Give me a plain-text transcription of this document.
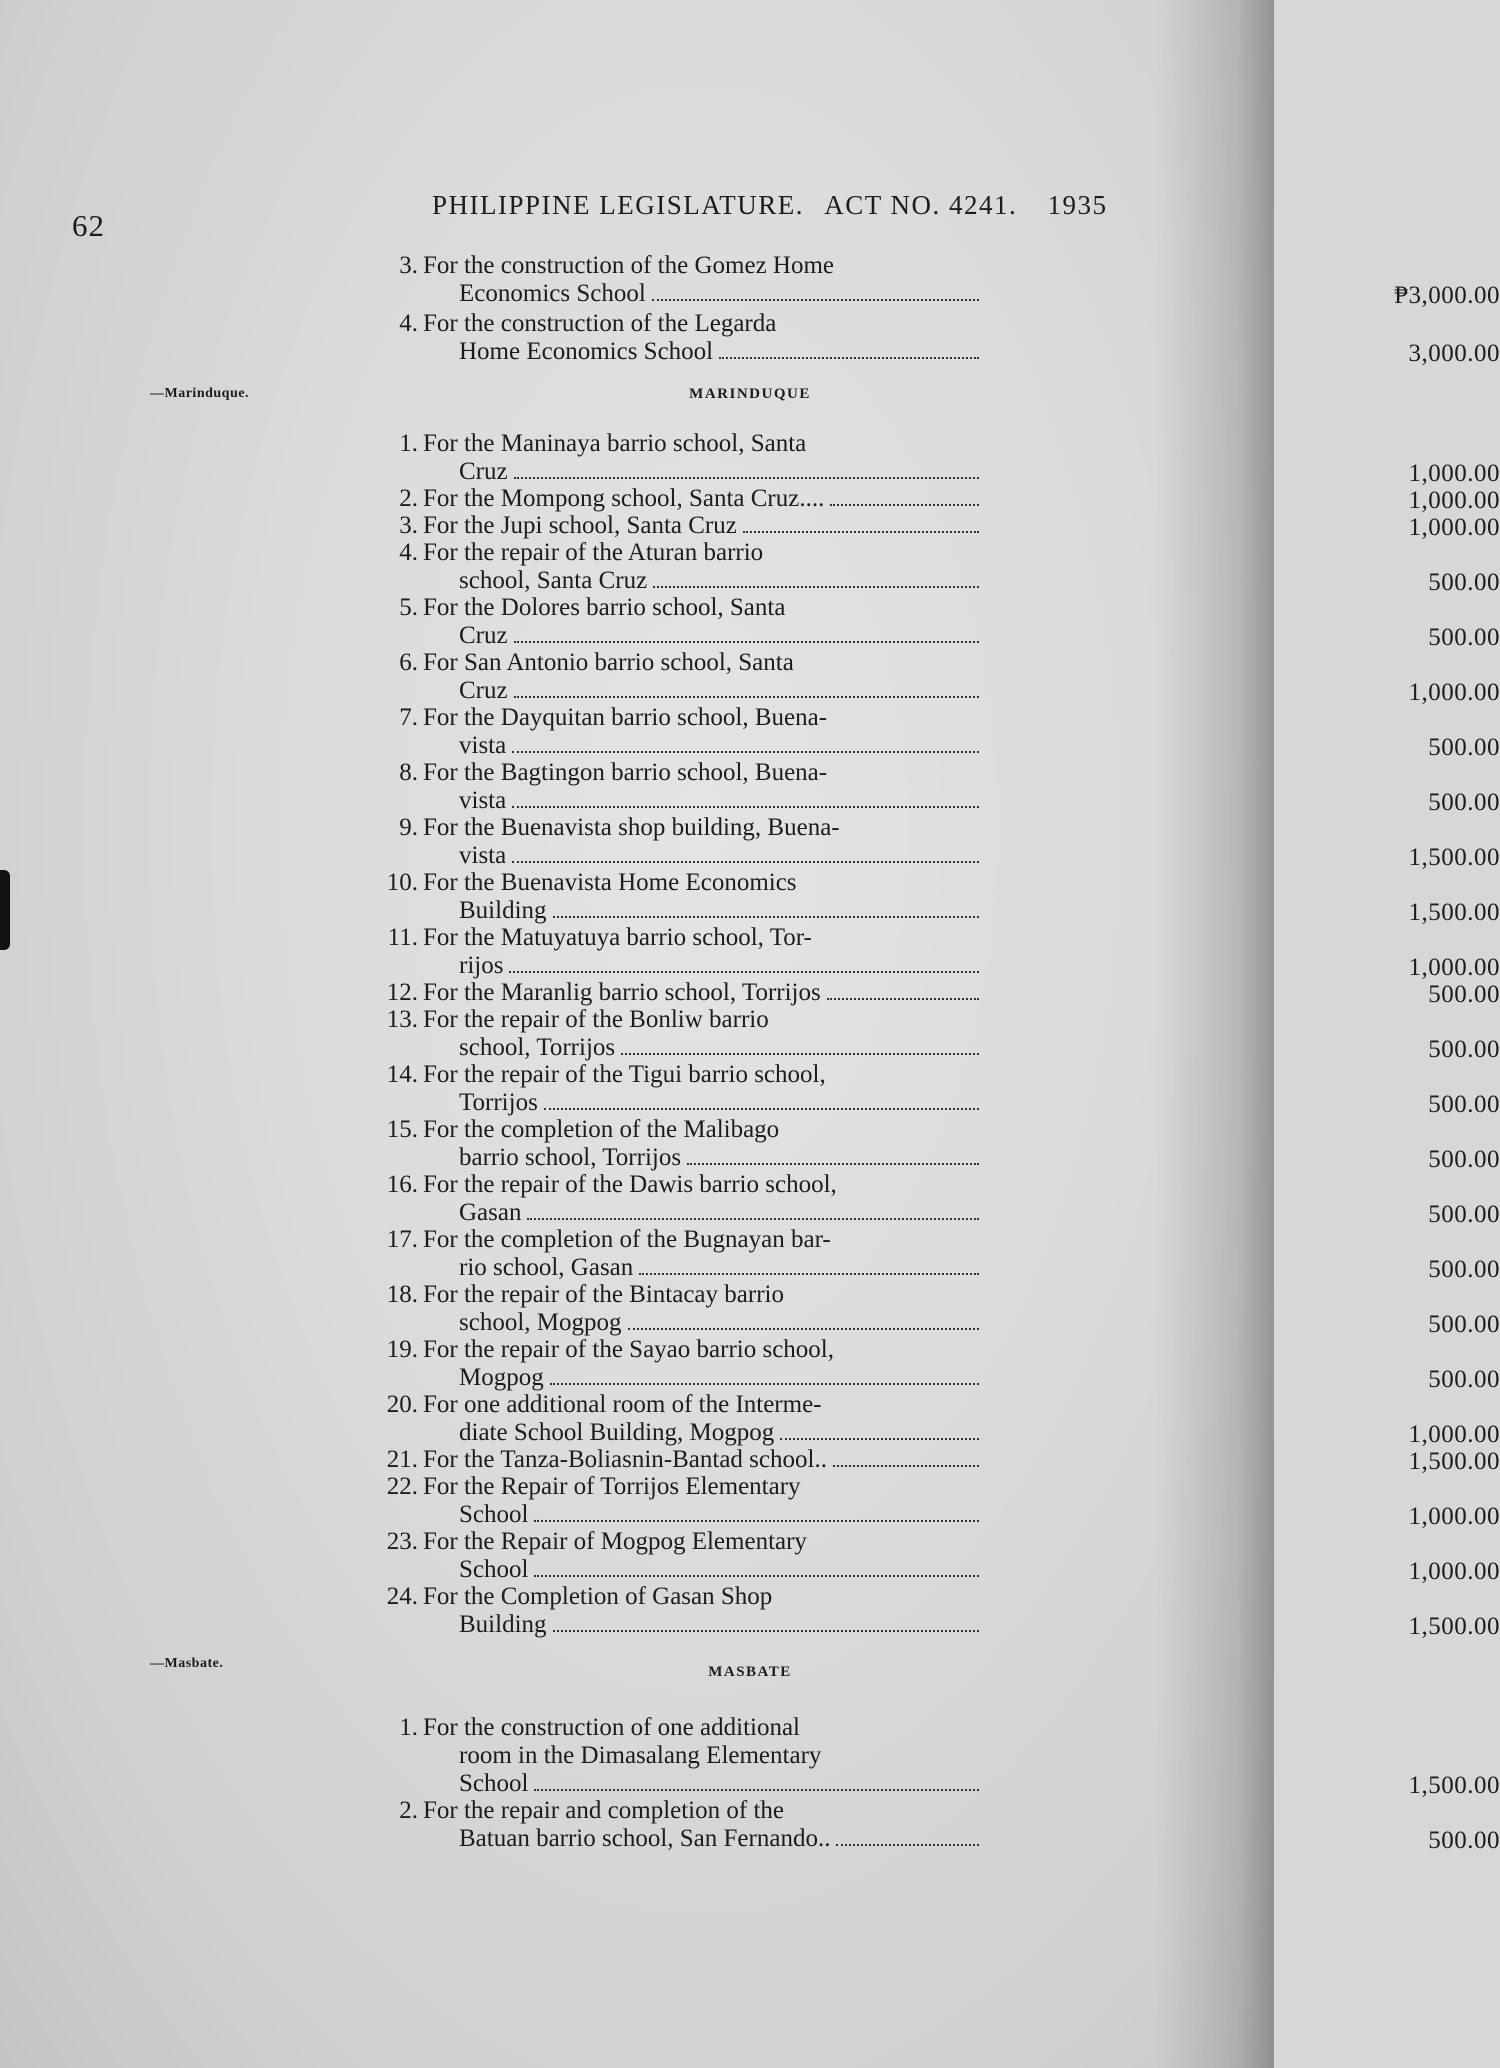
62
PHILIPPINE LEGISLATURE. ACT NO. 4241. 1935
3. For the construction of the Gomez Home
Economics School	₱3,000.00
4. For the construction of the Legarda
Home Economics School	3,000.00
—Marinduque.	MARINDUQUE
1. For the Maninaya barrio school, Santa
Cruz	1,000.00
2. For the Mompong school, Santa Cruz....	1,000.00
3. For the Jupi school, Santa Cruz	1,000.00
4. For the repair of the Aturan barrio
school, Santa Cruz	500.00
5. For the Dolores barrio school, Santa
Cruz	500.00
6. For San Antonio barrio school, Santa
Cruz	1,000.00
7. For the Dayquitan barrio school, Buena-
vista	500.00
8. For the Bagtingon barrio school, Buena-
vista	500.00
9. For the Buenavista shop building, Buena-
vista	1,500.00
10. For the Buenavista Home Economics
Building	1,500.00
11. For the Matuyatuya barrio school, Tor-
rijos	1,000.00
12. For the Maranlig barrio school, Torrijos	500.00
13. For the repair of the Bonliw barrio
school, Torrijos	500.00
14. For the repair of the Tigui barrio school,
Torrijos	500.00
15. For the completion of the Malibago
barrio school, Torrijos	500.00
16. For the repair of the Dawis barrio school,
Gasan	500.00
17. For the completion of the Bugnayan bar-
rio school, Gasan	500.00
18. For the repair of the Bintacay barrio
school, Mogpog	500.00
19. For the repair of the Sayao barrio school,
Mogpog	500.00
20. For one additional room of the Interme-
diate School Building, Mogpog	1,000.00
21. For the Tanza-Boliasnin-Bantad school..	1,500.00
22. For the Repair of Torrijos Elementary
School	1,000.00
23. For the Repair of Mogpog Elementary
School	1,000.00
24. For the Completion of Gasan Shop
Building	1,500.00
—Masbate.
MASBATE
1. For the construction of one additional
room in the Dimasalang Elementary
School	1,500.00
2. For the repair and completion of the
Batuan barrio school, San Fernando..	500.00
